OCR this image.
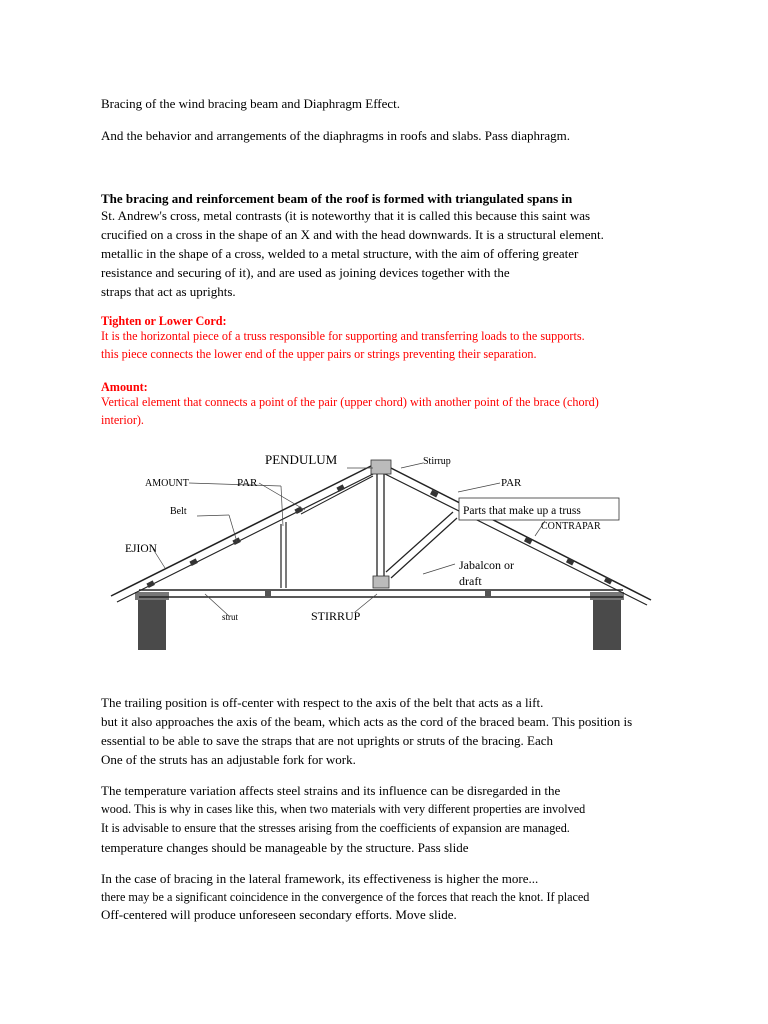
Bracing of the wind bracing beam and Diaphragm Effect.
And the behavior and arrangements of the diaphragms in roofs and slabs. Pass diaphragm.
The bracing and reinforcement beam of the roof is formed with triangulated spans in
St. Andrew's cross, metal contrasts (it is noteworthy that it is called this because this saint was
crucified on a cross in the shape of an X and with the head downwards. It is a structural element.
metallic in the shape of a cross, welded to a metal structure, with the aim of offering greater
resistance and securing of it), and are used as joining devices together with the
straps that act as uprights.
Tighten or Lower Cord:
It is the horizontal piece of a truss responsible for supporting and transferring loads to the supports.
this piece connects the lower end of the upper pairs or strings preventing their separation.
Amount:
Vertical element that connects a point of the pair (upper chord) with another point of the brace (chord)
interior).
PENDULUM	Stirrup
AMOUNT	PAR	PAR
Belt	Parts that make up a truss
CONTRAPAR
EJION
Jabalcon or
draft
strut	STIRRUP
The trailing position is off-center with respect to the axis of the belt that acts as a lift.
but it also approaches the axis of the beam, which acts as the cord of the braced beam. This position is
essential to be able to save the straps that are not uprights or struts of the bracing. Each
One of the struts has an adjustable fork for work.
The temperature variation affects steel strains and its influence can be disregarded in the
wood. This is why in cases like this, when two materials with very different properties are involved
It is advisable to ensure that the stresses arising from the coefficients of expansion are managed.
temperature changes should be manageable by the structure. Pass slide
In the case of bracing in the lateral framework, its effectiveness is higher the more...
there may be a significant coincidence in the convergence of the forces that reach the knot. If placed
Off-centered will produce unforeseen secondary efforts. Move slide.
